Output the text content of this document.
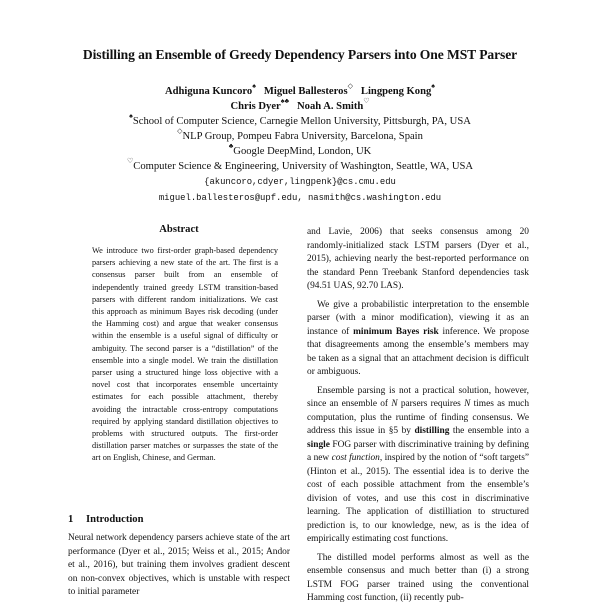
Distilling an Ensemble of Greedy Dependency Parsers into One MST Parser
Adhiguna Kuncoro♠ Miguel Ballesteros◇ Lingpeng Kong♠
Chris Dyer♠♣ Noah A. Smith♡
♠School of Computer Science, Carnegie Mellon University, Pittsburgh, PA, USA
◇NLP Group, Pompeu Fabra University, Barcelona, Spain
♣Google DeepMind, London, UK
♡Computer Science & Engineering, University of Washington, Seattle, WA, USA
{akuncoro,cdyer,lingpenk}@cs.cmu.edu
miguel.ballesteros@upf.edu, nasmith@cs.washington.edu
Abstract
We introduce two first-order graph-based dependency parsers achieving a new state of the art. The first is a consensus parser built from an ensemble of independently trained greedy LSTM transition-based parsers with different random initializations. We cast this approach as minimum Bayes risk decoding (under the Hamming cost) and argue that weaker consensus within the ensemble is a useful signal of difficulty or ambiguity. The second parser is a “distillation” of the ensemble into a single model. We train the distillation parser using a structured hinge loss objective with a novel cost that incorporates ensemble uncertainty estimates for each possible attachment, thereby avoiding the intractable cross-entropy computations required by applying standard distillation objectives to problems with structured outputs. The first-order distillation parser matches or surpasses the state of the art on English, Chinese, and German.
1 Introduction

Neural network dependency parsers achieve state of the art performance (Dyer et al., 2015; Weiss et al., 2015; Andor et al., 2016), but training them involves gradient descent on non-convex objectives, which is unstable with respect to initial parameter

and Lavie, 2006) that seeks consensus among 20 randomly-initialized stack LSTM parsers (Dyer et al., 2015), achieving nearly the best-reported performance on the standard Penn Treebank Stanford dependencies task (94.51 UAS, 92.70 LAS).

We give a probabilistic interpretation to the ensemble parser (with a minor modification), viewing it as an instance of minimum Bayes risk inference. We propose that disagreements among the ensemble’s members may be taken as a signal that an attachment decision is difficult or ambiguous.

Ensemble parsing is not a practical solution, however, since an ensemble of N parsers requires N times as much computation, plus the runtime of finding consensus. We address this issue in §5 by distilling the ensemble into a single FOG parser with discriminative training by defining a new cost function, inspired by the notion of “soft targets” (Hinton et al., 2015). The essential idea is to derive the cost of each possible attachment from the ensemble’s division of votes, and use this cost in discriminative learning. The application of distilliation to structured prediction is, to our knowledge, new, as is the idea of empirically estimating cost functions.

The distilled model performs almost as well as the ensemble consensus and much better than (i) a strong LSTM FOG parser trained using the conventional Hamming cost function, (ii) recently pub-
